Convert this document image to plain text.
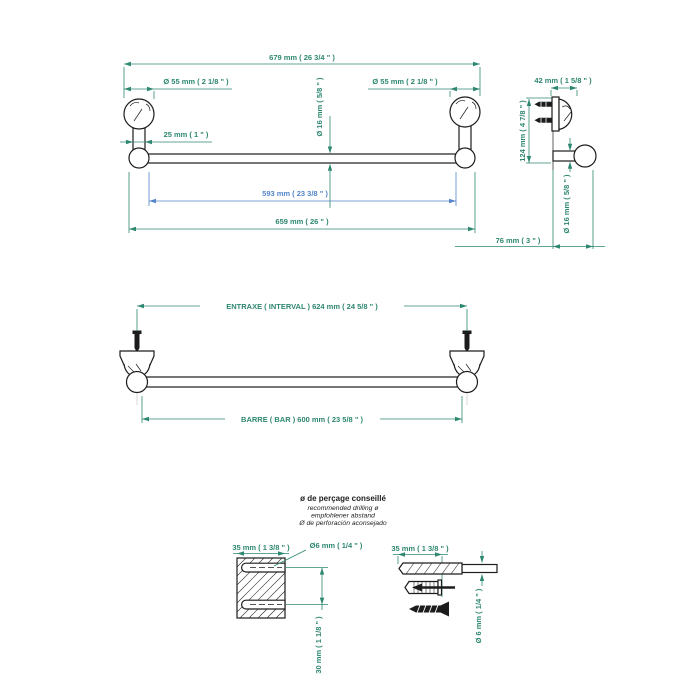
679 mm ( 26 3/4 " )
Ø 55 mm ( 2 1/8 " )	Ø 55 mm ( 2 1/8 " )
Ø 16 mm ( 5/8 " )
25 mm ( 1 " )
593 mm ( 23 3/8 " )
659 mm ( 26 " )
42 mm ( 1 5/8 " )
124 mm ( 4 7/8 " )
Ø 16 mm ( 5/8 " )
76 mm ( 3 " )
ENTRAXE ( INTERVAL ) 624 mm ( 24 5/8 " )
BARRE ( BAR ) 600 mm ( 23 5/8 " )
ø de perçage conseillé
recommended drilling ø
empfohlener abstand
Ø de perforación aconsejado
35 mm ( 1 3/8 " )	Ø6 mm ( 1/4 " )
30 mm ( 1 1/8 " )
35 mm ( 1 3/8 " )
Ø 6 mm ( 1/4 " )
